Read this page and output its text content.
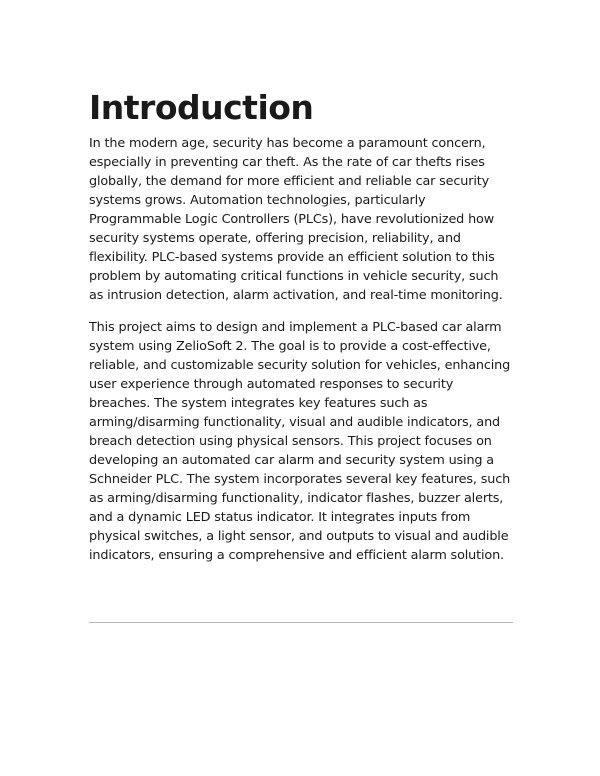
Introduction

In the modern age, security has become a paramount concern, especially in preventing car theft. As the rate of car thefts rises globally, the demand for more efficient and reliable car security systems grows. Automation technologies, particularly Programmable Logic Controllers (PLCs), have revolutionized how security systems operate, offering precision, reliability, and flexibility. PLC-based systems provide an efficient solution to this problem by automating critical functions in vehicle security, such as intrusion detection, alarm activation, and real-time monitoring.

This project aims to design and implement a PLC-based car alarm system using ZelioSoft 2. The goal is to provide a cost-effective, reliable, and customizable security solution for vehicles, enhancing user experience through automated responses to security breaches. The system integrates key features such as arming/disarming functionality, visual and audible indicators, and breach detection using physical sensors. This project focuses on developing an automated car alarm and security system using a Schneider PLC. The system incorporates several key features, such as arming/disarming functionality, indicator flashes, buzzer alerts, and a dynamic LED status indicator. It integrates inputs from physical switches, a light sensor, and outputs to visual and audible indicators, ensuring a comprehensive and efficient alarm solution.
